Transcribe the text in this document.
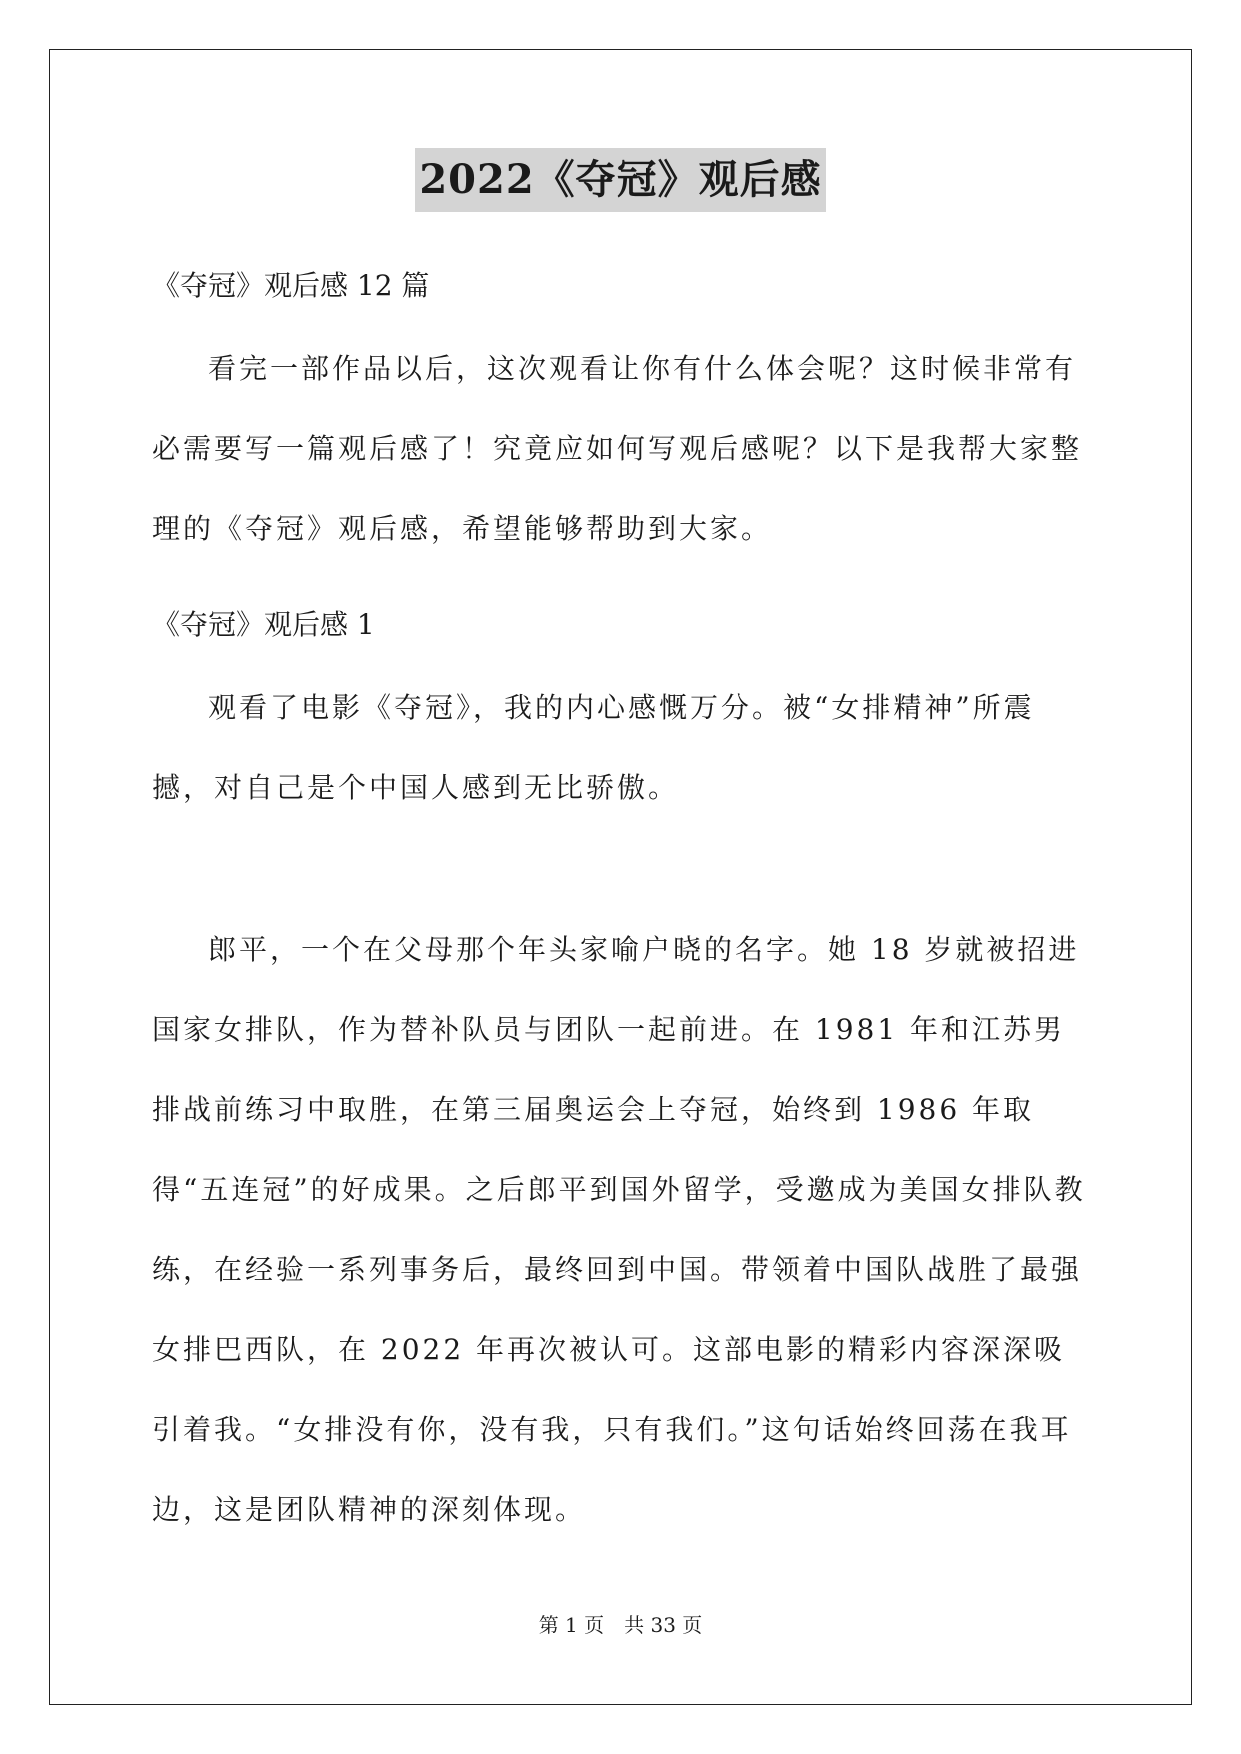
2022《夺冠》观后感
《夺冠》观后感 12 篇

看完一部作品以后，这次观看让你有什么体会呢？这时候非常有必需要写一篇观后感了！究竟应如何写观后感呢？以下是我帮大家整理的《夺冠》观后感，希望能够帮助到大家。

《夺冠》观后感 1

观看了电影《夺冠》，我的内心感慨万分。被“女排精神”所震撼，对自己是个中国人感到无比骄傲。

郎平，一个在父母那个年头家喻户晓的名字。她 18 岁就被招进国家女排队，作为替补队员与团队一起前进。在 1981 年和江苏男排战前练习中取胜，在第三届奥运会上夺冠，始终到 1986 年取得“五连冠”的好成果。之后郎平到国外留学，受邀成为美国女排队教练，在经验一系列事务后，最终回到中国。带领着中国队战胜了最强女排巴西队，在 2022 年再次被认可。这部电影的精彩内容深深吸引着我。“女排没有你，没有我，只有我们。”这句话始终回荡在我耳边，这是团队精神的深刻体现。

第 1 页　共 33 页
